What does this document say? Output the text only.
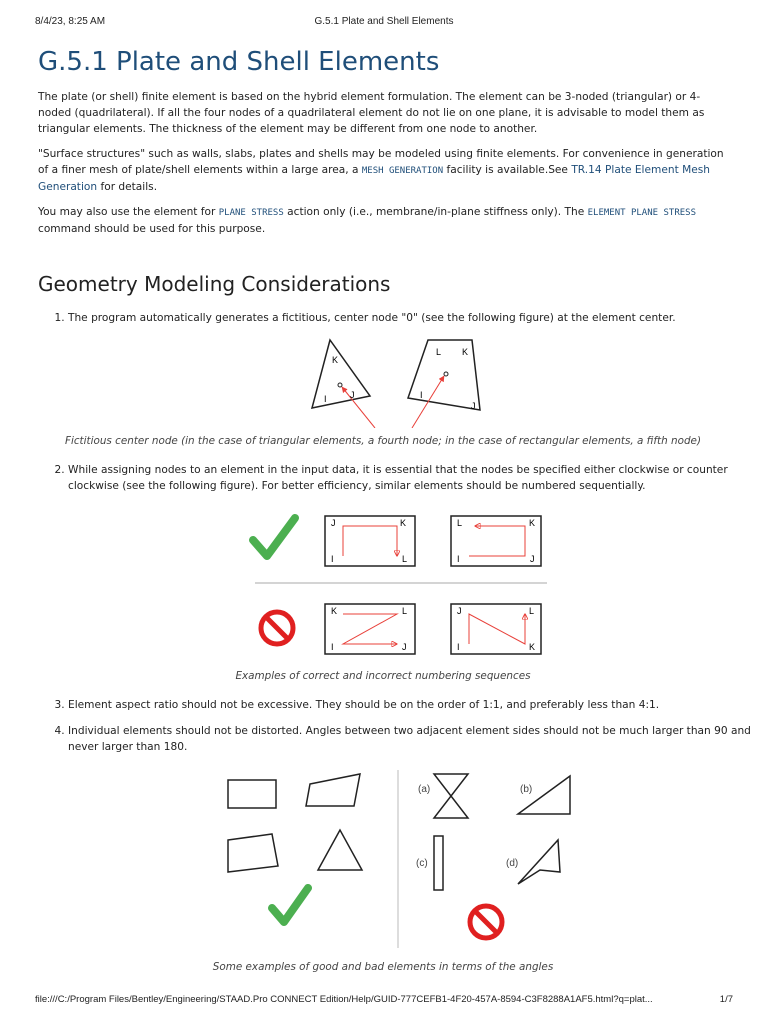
8/4/23, 8:25 AM	G.5.1 Plate and Shell Elements
G.5.1 Plate and Shell Elements

The plate (or shell) finite element is based on the hybrid element formulation. The element can be 3-noded (triangular) or 4-noded (quadrilateral). If all the four nodes of a quadrilateral element do not lie on one plane, it is advisable to model them as triangular elements. The thickness of the element may be different from one node to another.

"Surface structures" such as walls, slabs, plates and shells may be modeled using finite elements. For convenience in generation of a finer mesh of plate/shell elements within a large area, a MESH GENERATION facility is available.See TR.14 Plate Element Mesh Generation for details.

You may also use the element for PLANE STRESS action only (i.e., membrane/in-plane stiffness only). The ELEMENT PLANE STRESS command should be used for this purpose.

Geometry Modeling Considerations
1. The program automatically generates a fictitious, center node "0" (see the following figure) at the element center.
K
I	J
L K
I
J
Fictitious center node (in the case of triangular elements, a fourth node; in the case of rectangular elements, a fifth node)
2. While assigning nodes to an element in the input data, it is essential that the nodes be specified either clockwise or counter clockwise (see the following figure). For better efficiency, similar elements should be numbered sequentially.
J	K
I	L
L	K
I	J
K	L
I	J
J	L
I	K
Examples of correct and incorrect numbering sequences
3. Element aspect ratio should not be excessive. They should be on the order of 1:1, and preferably less than 4:1.
4. Individual elements should not be distorted. Angles between two adjacent element sides should not be much larger than 90 and never larger than 180.
(a)	(b)
(c)	(d)
Some examples of good and bad elements in terms of the angles
file:///C:/Program Files/Bentley/Engineering/STAAD.Pro CONNECT Edition/Help/GUID-777CEFB1-4F20-457A-8594-C3F8288A1AF5.html?q=plat...	1/7
